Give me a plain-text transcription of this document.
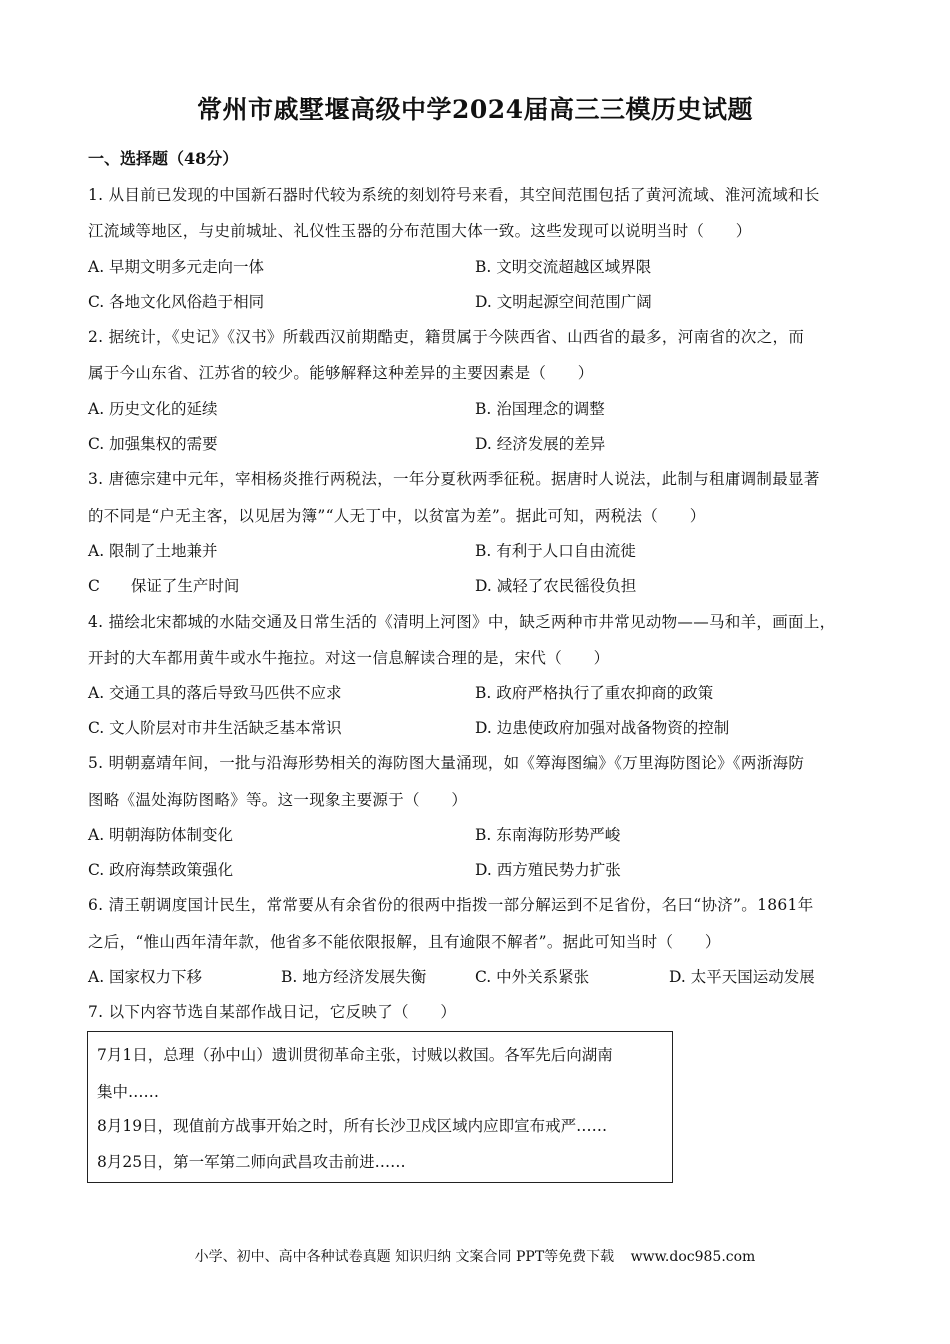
常州市戚墅堰高级中学2024届高三三模历史试题
一、选择题（48分）
1. 从目前已发现的中国新石器时代较为系统的刻划符号来看，其空间范围包括了黄河流域、淮河流域和长
江流域等地区，与史前城址、礼仪性玉器的分布范围大体一致。这些发现可以说明当时（　　）
A. 早期文明多元走向一体	B. 文明交流超越区域界限
C. 各地文化风俗趋于相同	D. 文明起源空间范围广阔
2. 据统计，《史记》《汉书》所载西汉前期酷吏，籍贯属于今陕西省、山西省的最多，河南省的次之，而
属于今山东省、江苏省的较少。能够解释这种差异的主要因素是（　　）
A. 历史文化的延续	B. 治国理念的调整
C. 加强集权的需要	D. 经济发展的差异
3. 唐德宗建中元年，宰相杨炎推行两税法，一年分夏秋两季征税。据唐时人说法，此制与租庸调制最显著
的不同是“户无主客，以见居为簿”“人无丁中，以贫富为差”。据此可知，两税法（　　）
A. 限制了土地兼并	B. 有利于人口自由流徙
C　　保证了生产时间	D. 减轻了农民徭役负担
4. 描绘北宋都城的水陆交通及日常生活的《清明上河图》中，缺乏两种市井常见动物——马和羊，画面上，
开封的大车都用黄牛或水牛拖拉。对这一信息解读合理的是，宋代（　　）
A. 交通工具的落后导致马匹供不应求	B. 政府严格执行了重农抑商的政策
C. 文人阶层对市井生活缺乏基本常识	D. 边患使政府加强对战备物资的控制
5. 明朝嘉靖年间，一批与沿海形势相关的海防图大量涌现，如《筹海图编》《万里海防图论》《两浙海防
图略《温处海防图略》等。这一现象主要源于（　　）
A. 明朝海防体制变化	B. 东南海防形势严峻
C. 政府海禁政策强化	D. 西方殖民势力扩张
6. 清王朝调度国计民生，常常要从有余省份的很两中指拨一部分解运到不足省份，名曰“协济”。1861年
之后，“惟山西年清年款，他省多不能依限报解，且有逾限不解者”。据此可知当时（　　）
A. 国家权力下移	B. 地方经济发展失衡	C. 中外关系紧张	D. 太平天国运动发展
7. 以下内容节选自某部作战日记，它反映了（　　）
7月1日，总理（孙中山）遗训贯彻革命主张，讨贼以救国。各军先后向湖南
集中……
8月19日，现值前方战事开始之时，所有长沙卫戍区域内应即宣布戒严……
8月25日，第一军第二师向武昌攻击前进……
小学、初中、高中各种试卷真题 知识归纳 文案合同 PPT等免费下载 www.doc985.com
